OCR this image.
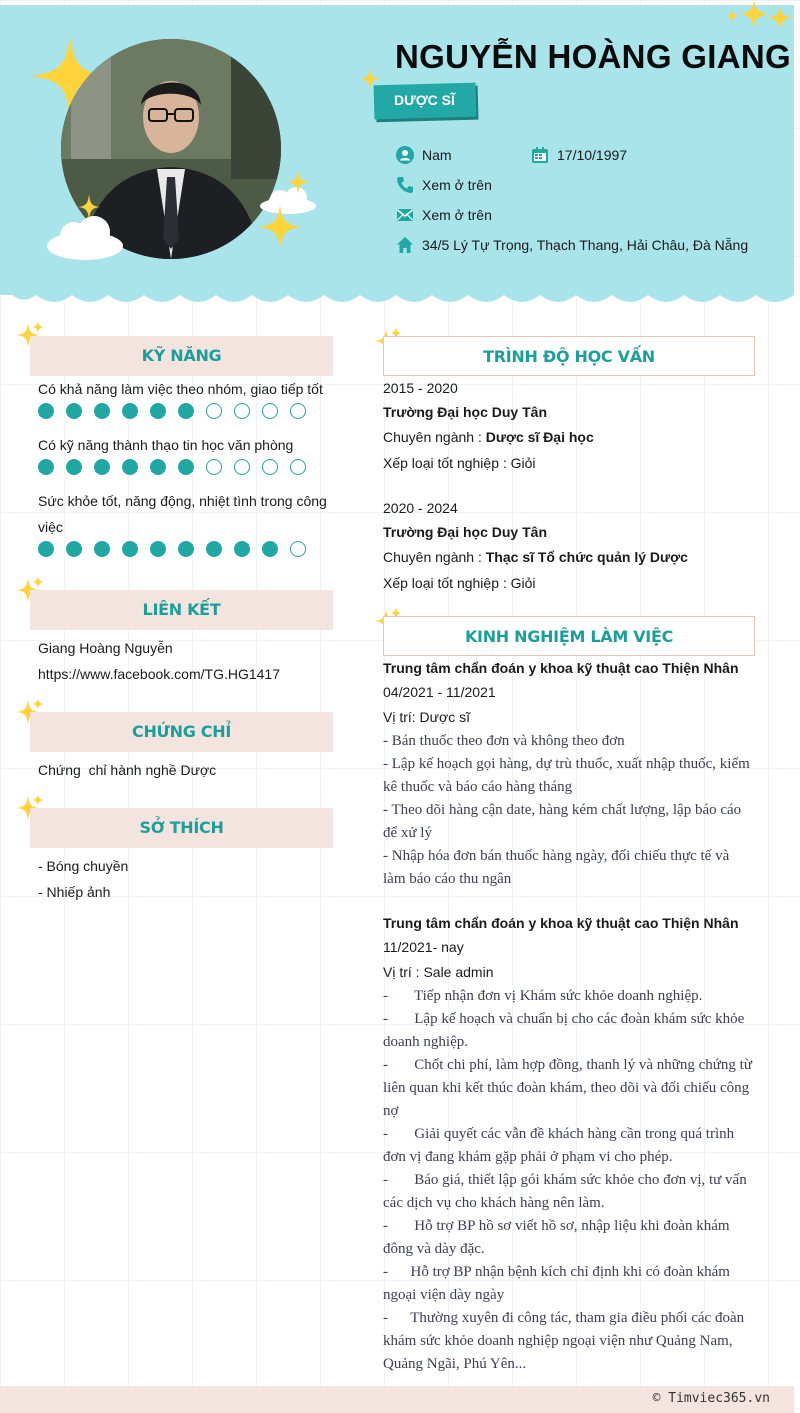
NGUYỄN HOÀNG GIANG
DƯỢC SĨ
Nam	17/10/1997
Xem ở trên
Xem ở trên
34/5 Lý Tự Trọng, Thạch Thang, Hải Châu, Đà Nẵng
KỸ NĂNG
Có khả năng làm việc theo nhóm, giao tiếp tốt
Có kỹ năng thành thạo tin học văn phòng
Sức khỏe tốt, năng động, nhiệt tình trong công việc
LIÊN KẾT
Giang Hoàng Nguyễn
https://www.facebook.com/TG.HG1417
CHỨNG CHỈ
Chứng  chỉ hành nghề Dược
SỞ THÍCH
- Bóng chuyền
- Nhiếp ảnh
TRÌNH ĐỘ HỌC VẤN
2015 - 2020
Trường Đại học Duy Tân
Chuyên ngành : Dược sĩ Đại học
Xếp loại tốt nghiệp : Giỏi
2020 - 2024
Trường Đại học Duy Tân
Chuyên ngành : Thạc sĩ Tổ chức quản lý Dược
Xếp loại tốt nghiệp : Giỏi
KINH NGHIỆM LÀM VIỆC
Trung tâm chẩn đoán y khoa kỹ thuật cao Thiện Nhân
04/2021 - 11/2021
Vị trí: Dược sĩ
- Bán thuốc theo đơn và không theo đơn
- Lập kế hoạch gọi hàng, dự trù thuốc, xuất nhập thuốc, kiểm kê thuốc và báo cáo hàng tháng
- Theo dõi hàng cận date, hàng kém chất lượng, lập báo cáo để xử lý
- Nhập hóa đơn bán thuốc hàng ngày, đối chiếu thực tế và làm báo cáo thu ngân
Trung tâm chẩn đoán y khoa kỹ thuật cao Thiện Nhân
11/2021- nay
Vị trí : Sale admin
-       Tiếp nhận đơn vị Khám sức khỏe doanh nghiệp.
-       Lập kế hoạch và chuẩn bị cho các đoàn khám sức khỏe doanh nghiệp.
-       Chốt chi phí, làm hợp đồng, thanh lý và những chứng từ liên quan khi kết thúc đoàn khám, theo dõi và đối chiếu công nợ
-       Giải quyết các vẫn đề khách hàng cần trong quá trình đơn vị đang khám gặp phải ở phạm vi cho phép.
-       Báo giá, thiết lập gói khám sức khỏe cho đơn vị, tư vấn các dịch vụ cho khách hàng nên làm.
-       Hỗ trợ BP hồ sơ viết hồ sơ, nhập liệu khi đoàn khám đông và dày đặc.
-      Hỗ trợ BP nhận bệnh kích chỉ định khi có đoàn khám ngoại viện dày ngày
-      Thường xuyên đi công tác, tham gia điều phối các đoàn khám sức khỏe doanh nghiệp ngoại viện như Quảng Nam, Quảng Ngãi, Phú Yên...
© Timviec365.vn
